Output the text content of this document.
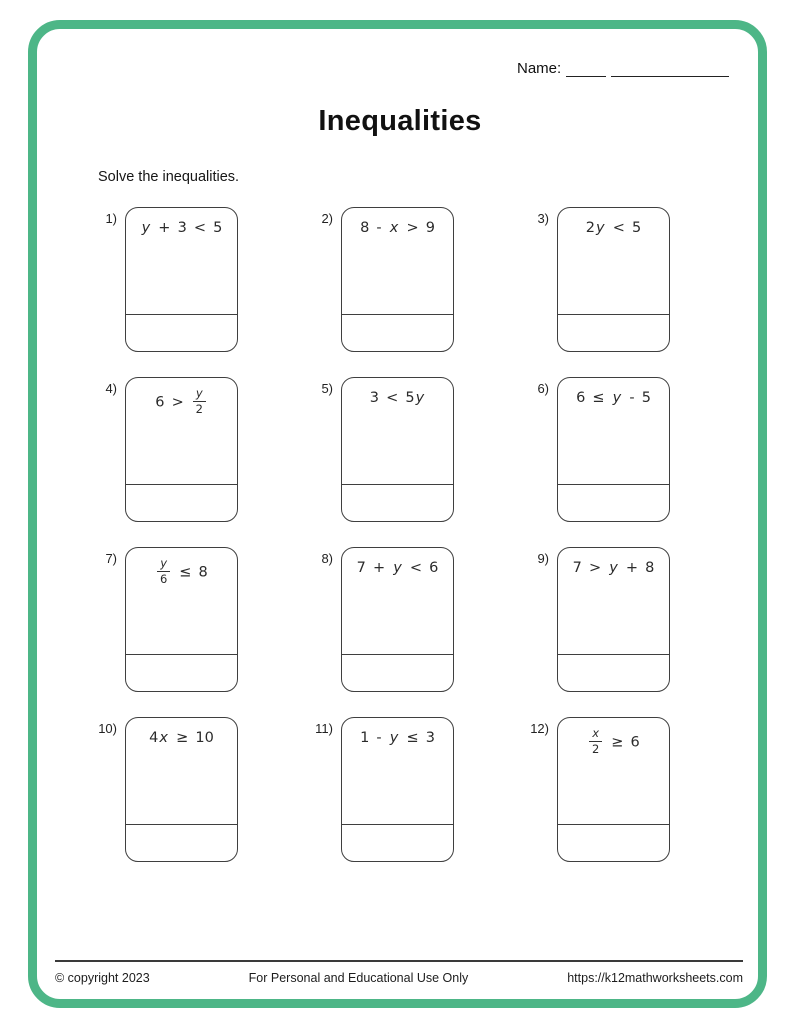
Name:
Inequalities
Solve the inequalities.
1)
y + 3 < 5
2)
8 - x > 9
3)
2y < 5
4)
$6 > \frac{y}{2}$	5)
3 < 5y
6)
6 ≤ y - 5
7)	$\frac{y}{6} \le 8$
8)
7 + y < 6
9)
7 > y + 8
10)
4x ≥ 10
11)
1 - y ≤ 3
12)	$\frac{x}{2} \ge 6$
© copyright 2023	For Personal and Educational Use Only	https://k12mathworksheets.com
